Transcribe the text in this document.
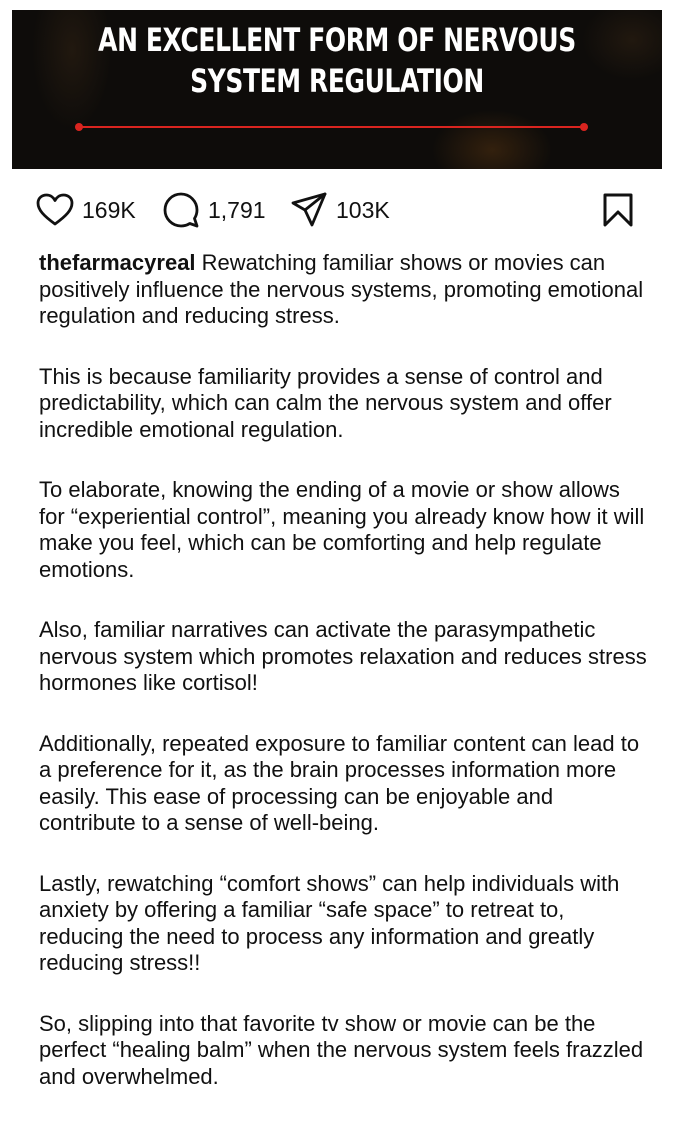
AN EXCELLENT FORM OF NERVOUS
SYSTEM REGULATION
169K	1,791	103K

thefarmacyreal Rewatching familiar shows or movies can positively influence the nervous systems, promoting emotional regulation and reducing stress.

This is because familiarity provides a sense of control and predictability, which can calm the nervous system and offer incredible emotional regulation.

To elaborate, knowing the ending of a movie or show allows for “experiential control”, meaning you already know how it will make you feel, which can be comforting and help regulate emotions.

Also, familiar narratives can activate the parasympathetic nervous system which promotes relaxation and reduces stress hormones like cortisol!

Additionally, repeated exposure to familiar content can lead to a preference for it, as the brain processes information more easily. This ease of processing can be enjoyable and contribute to a sense of well-being.

Lastly, rewatching “comfort shows” can help individuals with anxiety by offering a familiar “safe space” to retreat to, reducing the need to process any information and greatly reducing stress!!

So, slipping into that favorite tv show or movie can be the perfect “healing balm” when the nervous system feels frazzled and overwhelmed.
